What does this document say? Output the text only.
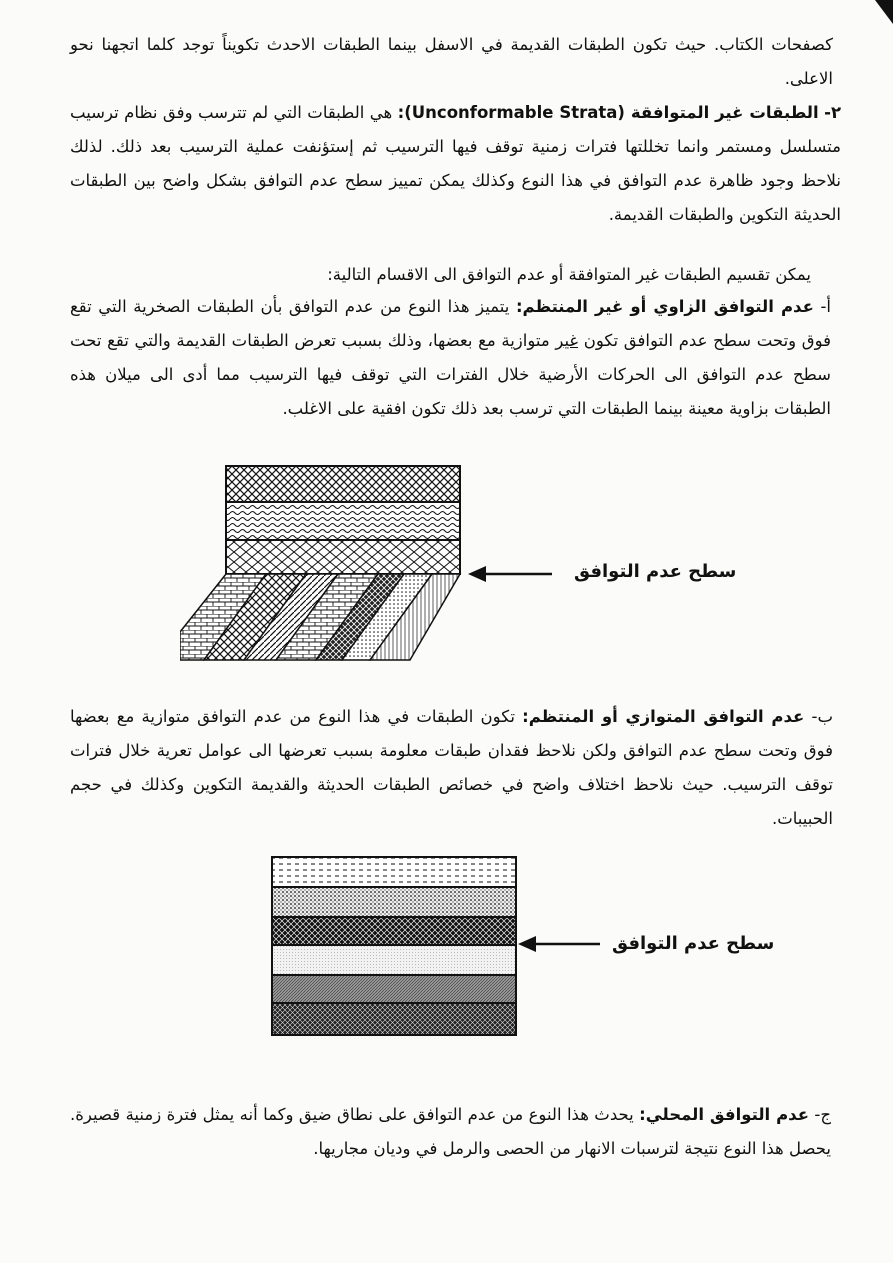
كصفحات الكتاب. حيث تكون الطبقات القديمة في الاسفل بينما الطبقات الاحدث تكويناً توجد كلما اتجهنا نحو الاعلى.

٢- الطبقات غير المتوافقة (Unconformable Strata): هي الطبقات التي لم تترسب وفق نظام ترسيب متسلسل ومستمر وانما تخللتها فترات زمنية توقف فيها الترسيب ثم إستؤنفت عملية الترسيب بعد ذلك. لذلك نلاحظ وجود ظاهرة عدم التوافق في هذا النوع وكذلك يمكن تمييز سطح عدم التوافق بشكل واضح بين الطبقات الحديثة التكوين والطبقات القديمة.

يمكن تقسيم الطبقات غير المتوافقة أو عدم التوافق الى الاقسام التالية:

أ- عدم التوافق الزاوي أو غير المنتظم: يتميز هذا النوع من عدم التوافق بأن الطبقات الصخرية التي تقع فوق وتحت سطح عدم التوافق تكون غير متوازية مع بعضها، وذلك بسبب تعرض الطبقات القديمة والتي تقع تحت سطح عدم التوافق الى الحركات الأرضية خلال الفترات التي توقف فيها الترسيب مما أدى الى ميلان هذه الطبقات بزاوية معينة بينما الطبقات التي ترسب بعد ذلك تكون افقية على الاغلب.

سطح عدم التوافق

ب- عدم التوافق المتوازي أو المنتظم: تكون الطبقات في هذا النوع من عدم التوافق متوازية مع بعضها فوق وتحت سطح عدم التوافق ولكن نلاحظ فقدان طبقات معلومة بسبب تعرضها الى عوامل تعرية خلال فترات توقف الترسيب. حيث نلاحظ اختلاف واضح في خصائص الطبقات الحديثة والقديمة التكوين وكذلك في حجم الحبيبات.

سطح عدم التوافق

ج- عدم التوافق المحلي: يحدث هذا النوع من عدم التوافق على نطاق ضيق وكما أنه يمثل فترة زمنية قصيرة. يحصل هذا النوع نتيجة لترسبات الانهار من الحصى والرمل في وديان مجاريها.
